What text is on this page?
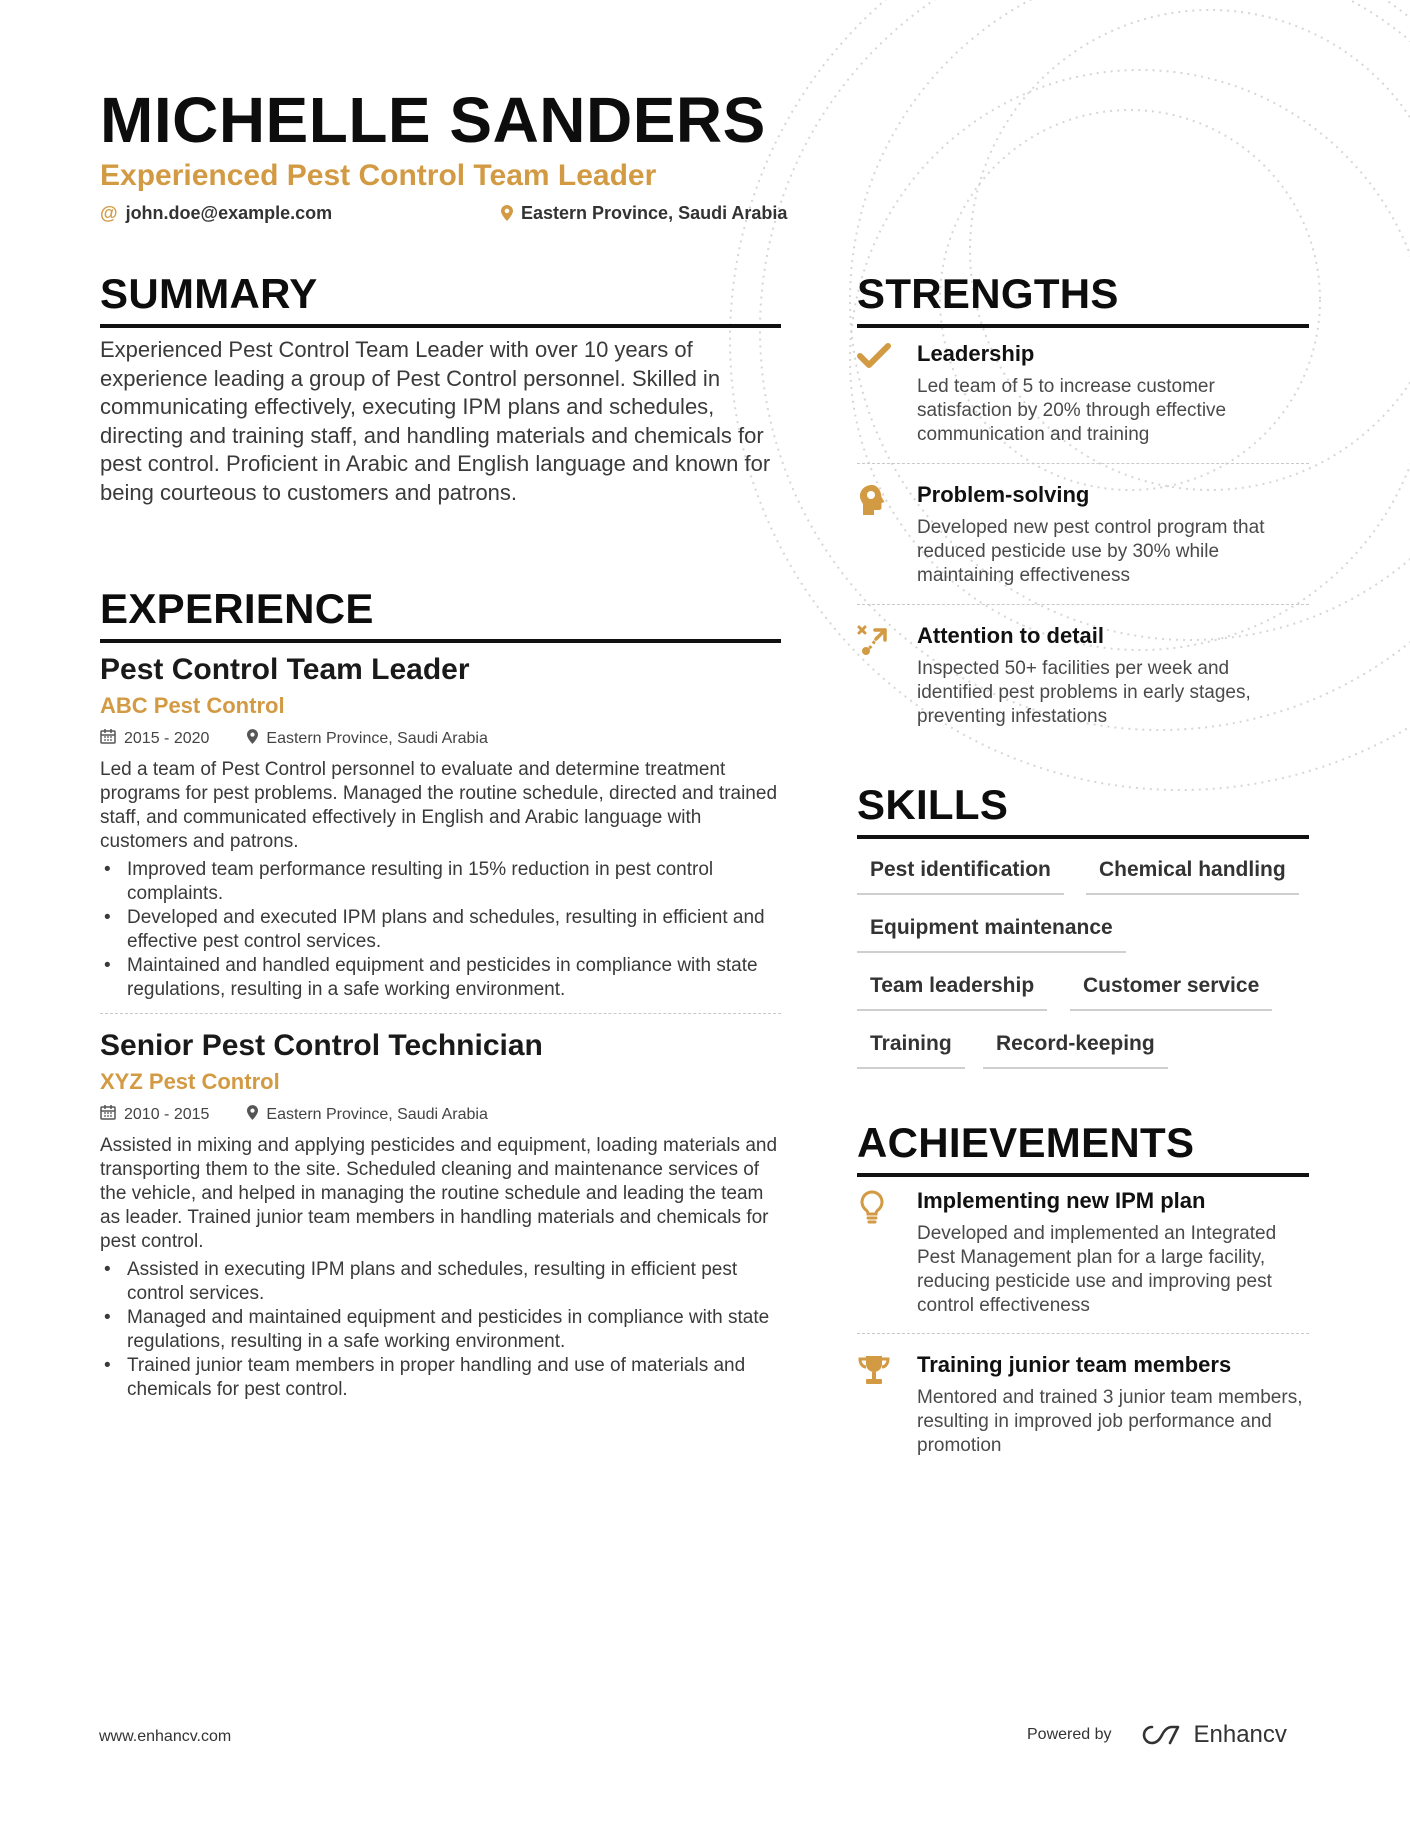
MICHELLE SANDERS
Experienced Pest Control Team Leader
@ john.doe@example.com	Eastern Province, Saudi Arabia
SUMMARY

Experienced Pest Control Team Leader with over 10 years of experience leading a group of Pest Control personnel. Skilled in communicating effectively, executing IPM plans and schedules, directing and training staff, and handling materials and chemicals for pest control. Proficient in Arabic and English language and known for being courteous to customers and patrons.

EXPERIENCE
Pest Control Team Leader
ABC Pest Control
2015 - 2020	Eastern Province, Saudi Arabia

Led a team of Pest Control personnel to evaluate and determine treatment programs for pest problems. Managed the routine schedule, directed and trained staff, and communicated effectively in English and Arabic language with customers and patrons.

• Improved team performance resulting in 15% reduction in pest control complaints.
• Developed and executed IPM plans and schedules, resulting in efficient and effective pest control services.
• Maintained and handled equipment and pesticides in compliance with state regulations, resulting in a safe working environment.
Senior Pest Control Technician
XYZ Pest Control
2010 - 2015	Eastern Province, Saudi Arabia

Assisted in mixing and applying pesticides and equipment, loading materials and transporting them to the site. Scheduled cleaning and maintenance services of the vehicle, and helped in managing the routine schedule and leading the team as leader. Trained junior team members in handling materials and chemicals for pest control.

• Assisted in executing IPM plans and schedules, resulting in efficient pest control services.
• Managed and maintained equipment and pesticides in compliance with state regulations, resulting in a safe working environment.
• Trained junior team members in proper handling and use of materials and chemicals for pest control.
STRENGTHS
Leadership
Led team of 5 to increase customer satisfaction by 20% through effective communication and training
Problem-solving
Developed new pest control program that reduced pesticide use by 30% while maintaining effectiveness
Attention to detail
Inspected 50+ facilities per week and identified pest problems in early stages, preventing infestations
SKILLS
Pest identification	Chemical handling
Equipment maintenance
Team leadership	Customer service
Training	Record-keeping
ACHIEVEMENTS
Implementing new IPM plan
Developed and implemented an Integrated Pest Management plan for a large facility, reducing pesticide use and improving pest control effectiveness
Training junior team members
Mentored and trained 3 junior team members, resulting in improved job performance and promotion
www.enhancv.com	Powered by	Enhancv
